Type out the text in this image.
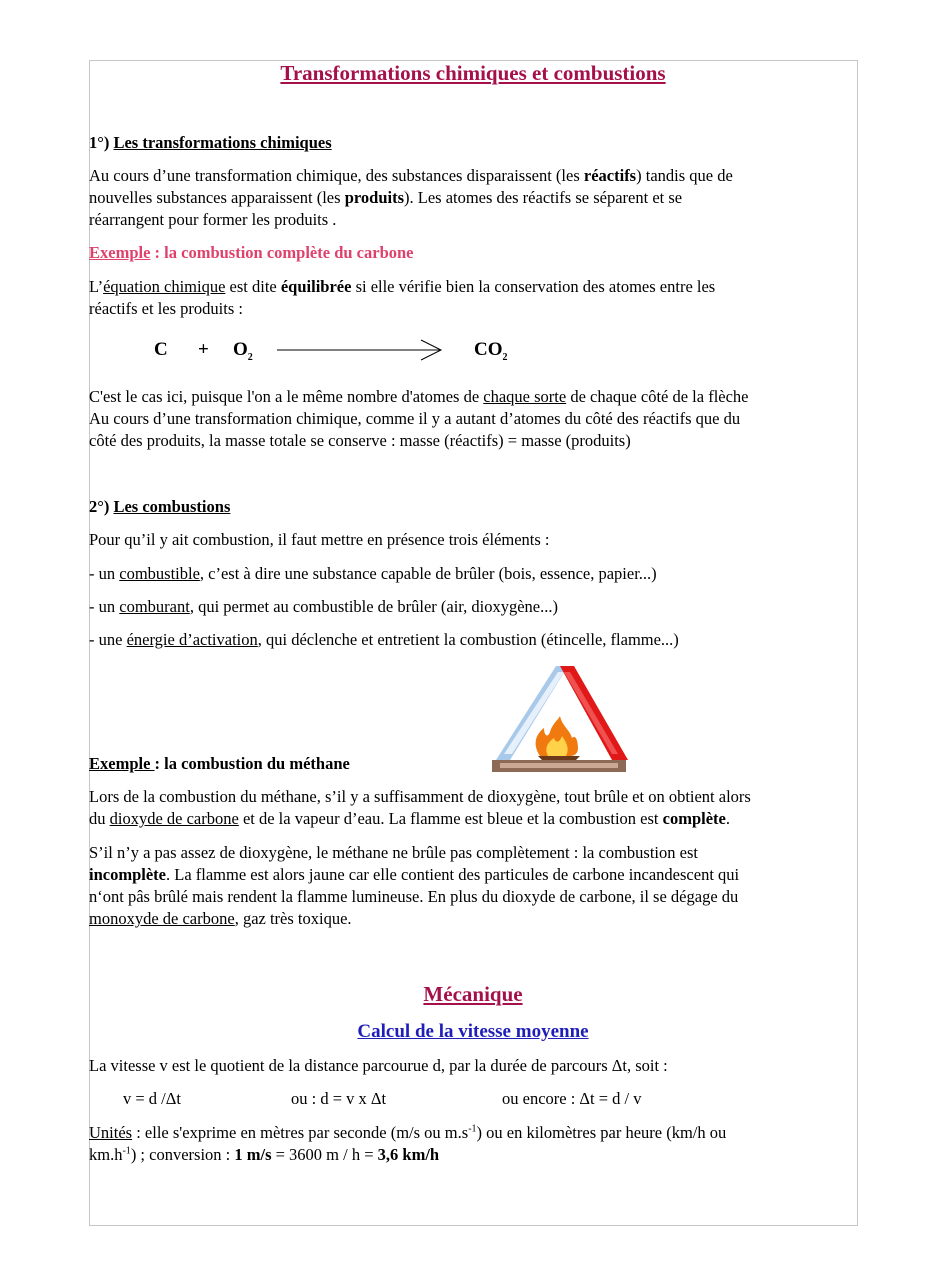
Transformations chimiques et combustions
1°) Les transformations chimiques
Au cours d’une transformation chimique, des substances disparaissent (les réactifs) tandis que de
nouvelles substances apparaissent (les produits). Les atomes des réactifs se séparent et se
réarrangent pour former les produits .
Exemple : la combustion complète du carbone
L’équation chimique est dite équilibrée si elle vérifie bien la conservation des atomes entre les
réactifs et les produits :
$C + O_2$	$CO_2$
C'est le cas ici, puisque l'on a le même nombre d'atomes de chaque sorte de chaque côté de la flèche
Au cours d’une transformation chimique, comme il y a autant d’atomes du côté des réactifs que du
côté des produits, la masse totale se conserve : masse (réactifs) = masse (produits)
2°) Les combustions
Pour qu’il y ait combustion, il faut mettre en présence trois éléments :
- un combustible, c’est à dire une substance capable de brûler (bois, essence, papier...)
- un comburant, qui permet au combustible de brûler (air, dioxygène...)
- une énergie d’activation, qui déclenche et entretient la combustion (étincelle, flamme...)
Exemple : la combustion du méthane
Lors de la combustion du méthane, s’il y a suffisamment de dioxygène, tout brûle et on obtient alors
du dioxyde de carbone et de la vapeur d’eau. La flamme est bleue et la combustion est complète.
S’il n’y a pas assez de dioxygène, le méthane ne brûle pas complètement : la combustion est
incomplète. La flamme est alors jaune car elle contient des particules de carbone incandescent qui
n‘ont pâs brûlé mais rendent la flamme lumineuse. En plus du dioxyde de carbone, il se dégage du
monoxyde de carbone, gaz très toxique.
Mécanique
Calcul de la vitesse moyenne
La vitesse v est le quotient de la distance parcourue d, par la durée de parcours Δt, soit :
v = d /Δt	ou : d = v x Δt	ou encore : Δt = d / v
Unités : elle s'exprime en mètres par seconde (m/s ou $m.s^{-1}$) ou en kilomètres par heure (km/h ou
$km.h^{-1}$) ; conversion : 1 m/s = 3600 m / h = 3,6 km/h
